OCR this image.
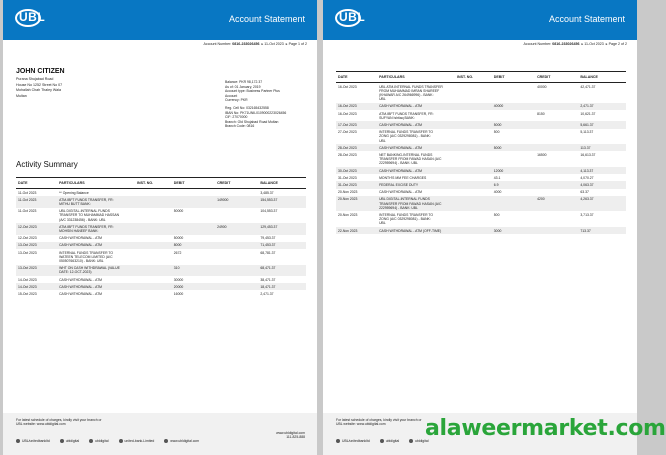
UBL	Account Statement
Account Number: 0816-233026456  ▸ 11-Oct 2023  ▸ Page 1 of 2
JOHN CITIZEN
Purana Shujabad Road
House No 1252 Street No 07
Mohallah Chah Thaley Wala
Multan
Balance: PKR 98,172.37
As of: 01 January, 2019
Account type: Business Partner Plus
Account
Currency: PKR
Reg. Cell No: 032165432558
IBAN No: PK71UNIL0109000223026456
CIF: 27070000
Branch: Old Shujabad Road Multan
Branch Code: 0816
Activity Summary
DATE	PARTICULARS	INST. NO.	DEBIT	CREDIT	BALANCE
11-Oct 2023	** Opening Balance				3,485.37
11-Oct 2023	ATM-IBFT FUNDS TRANSFER, FR:
MITHU BUTT BANK:			149000	154,553.37
11-Oct 2023	UBL DIGITAL-INTERNAL FUNDS
TRANSFER TO MUHAMMAD HASSAN
(A/C 331238456) - BANK: UBL		50000		104,553.37
12-Oct 2023	ATM-IBFT FUNDS TRANSFER, FR:
MOHSIN HANEEF BANK:			24900	129,453.37
12-Oct 2023	CASH WITHDRAWAL - ATM		50000		79,453.37
13-Oct 2023	CASH WITHDRAWAL - ATM		8000		71,453.37
13-Oct 2023	INTERNAL FUNDS TRANSFER TO
WATEEN TELECOM LIMITED (A/C
050507663210) - BANK: UBL		2672		68,781.37
13-Oct 2023	WHT ON CASH WITHDRAWAL (VALUE
DATE: 12-OCT-2023)		310		68,471.37
14-Oct 2023	CASH WITHDRAWAL - ATM		30000		38,471.37
14-Oct 2023	CASH WITHDRAWAL - ATM		20000		18,471.37
15-Oct 2023	CASH WITHDRAWAL - ATM		16000		2,471.37
For latest schedule of charges, kindly visit your branch or
UBL website: www.ubldigital.com
UBL/unitedbankltd	ubldigital	ubldigital	united-bank-Limited	www.ubldigital.com
www.ubldigital.com
111-825-888
UBL	Account Statement
Account Number: 0816-233026456  ▸ 11-Oct 2023  ▸ Page 2 of 2
DATE	PARTICULARS	INST. NO.	DEBIT	CREDIT	BALANCE
16-Oct 2023	UBL ATM-INTERNAL FUNDS TRANSFER
FROM MUHAMMAD IMRAN SHAREEF
(KHAWAR A/C 264966996) - BANK:
UBL			40000	42,471.37
16-Oct 2023	CASH WITHDRAWAL - ATM		40000		2,471.37
16-Oct 2023	ATM-IBFT FUNDS TRANSFER, FR:
SUFYAN Ishtiaq BANK:			8150	10,621.37
17-Oct 2023	CASH WITHDRAWAL - ATM		5000		5,661.37
27-Oct 2023	INTERNAL FUNDS TRANSFER TO
ZONG (A/C 0329298081) - BANK:
UBL		500		5,113.37
28-Oct 2023	CASH WITHDRAWAL - ATM		5000		113.37
28-Oct 2023	NET BANKING-INTERNAL FUNDS
TRANSFER FROM FAWAD HASAN (A/C
222959694) - BANK: UBL			16500	16,613.37
30-Oct 2023	CASH WITHDRAWAL - ATM		12000		4,113.37
31-Oct 2023	MONTH'S MM FEE CHARGES		43.1		4,070.27
31-Oct 2023	FEDERAL EXCISE DUTY		6.9		4,063.37
20-Nov 2023	CASH WITHDRAWAL - ATM		4000		63.37
20-Nov 2023	UBL DIGITAL-INTERNAL FUNDS
TRANSFER FROM FAWAD HASAN (A/C
222959694) - BANK: UBL			4200	4,263.37
20-Nov 2023	INTERNAL FUNDS TRANSFER TO
ZONG (A/C 0329298081) - BANK:
UBL		500		3,713.37
22-Nov 2023	CASH WITHDRAWAL - ATM (OFF-TIME)		3000		713.37
For latest schedule of charges, kindly visit your branch or
UBL website: www.ubldigital.com
UBL/unitedbankltd	ubldigital	ubldigital
alaweermarket.com
